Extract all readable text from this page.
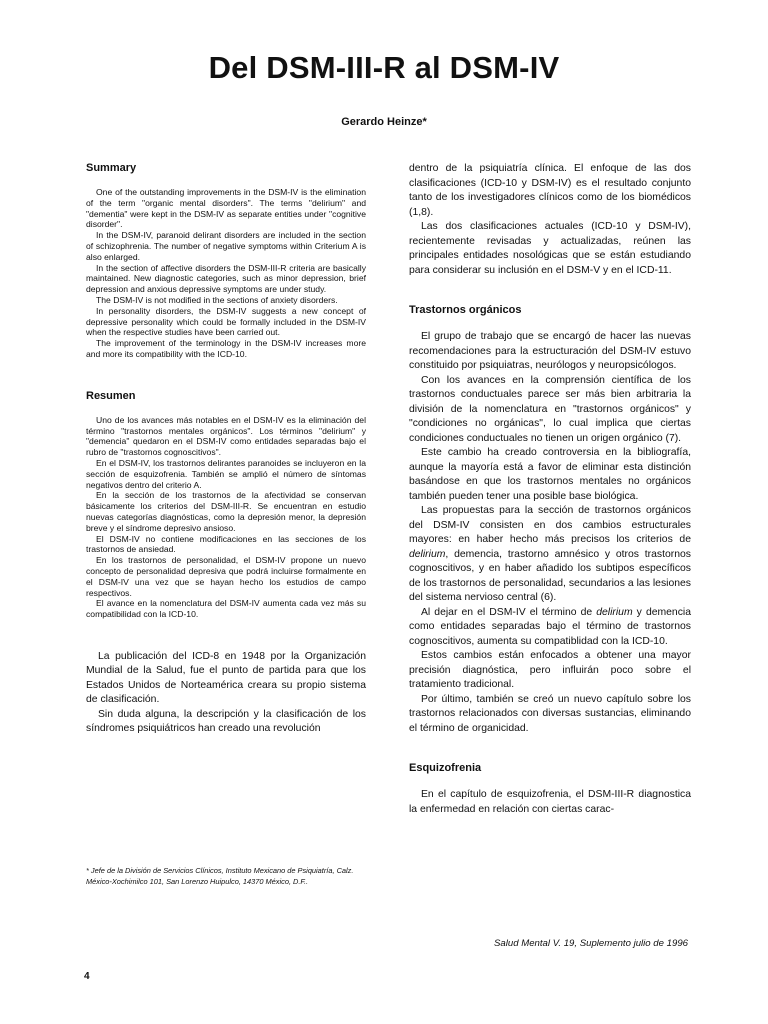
Del DSM-III-R al DSM-IV
Gerardo Heinze*
Summary

One of the outstanding improvements in the DSM-IV is the elimination of the term "organic mental disorders". The terms "delirium" and "dementia" were kept in the DSM-IV as separate entities under "cognitive disorder".

In the DSM-IV, paranoid delirant disorders are included in the section of schizophrenia. The number of negative symptoms within Criterium A is also enlarged.

In the section of affective disorders the DSM-III-R criteria are basically maintained. New diagnostic categories, such as minor depression, brief depression and anxious depressive symptoms are under study.

The DSM-IV is not modified in the sections of anxiety disorders.

In personality disorders, the DSM-IV suggests a new concept of depressive personality which could be formally included in the DSM-IV when the respective studies have been carried out.

The improvement of the terminology in the DSM-IV increases more and more its compatibility with the ICD-10.

Resumen

Uno de los avances más notables en el DSM-IV es la eliminación del término "trastornos mentales orgánicos". Los términos "delirium" y "demencia" quedaron en el DSM-IV como entidades separadas bajo el rubro de "trastornos cognoscitivos".

En el DSM-IV, los trastornos delirantes paranoides se incluyeron en la sección de esquizofrenia. También se amplió el número de síntomas negativos dentro del criterio A.

En la sección de los trastornos de la afectividad se conservan básicamente los criterios del DSM-III-R. Se encuentran en estudio nuevas categorías diagnósticas, como la depresión menor, la depresión breve y el síndrome depresivo ansioso.

El DSM-IV no contiene modificaciones en las secciones de los trastornos de ansiedad.

En los trastornos de personalidad, el DSM-IV propone un nuevo concepto de personalidad depresiva que podrá incluirse formalmente en el DSM-IV una vez que se hayan hecho los estudios de campo respectivos.

El avance en la nomenclatura del DSM-IV aumenta cada vez más su compatibilidad con la ICD-10.

La publicación del ICD-8 en 1948 por la Organización Mundial de la Salud, fue el punto de partida para que los Estados Unidos de Norteamérica creara su propio sistema de clasificación.

Sin duda alguna, la descripción y la clasificación de los síndromes psiquiátricos han creado una revolución

* Jefe de la División de Servicios Clínicos, Instituto Mexicano de Psiquiatría, Calz. México-Xochimilco 101, San Lorenzo Huipulco, 14370 México, D.F..

dentro de la psiquiatría clínica. El enfoque de las dos clasificaciones (ICD-10 y DSM-IV) es el resultado conjunto tanto de los investigadores clínicos como de los biomédicos (1,8).

Las dos clasificaciones actuales (ICD-10 y DSM-IV), recientemente revisadas y actualizadas, reúnen las principales entidades nosológicas que se están estudiando para considerar su inclusión en el DSM-V y en el ICD-11.

Trastornos orgánicos

El grupo de trabajo que se encargó de hacer las nuevas recomendaciones para la estructuración del DSM-IV estuvo constituido por psiquiatras, neurólogos y neuropsicólogos.

Con los avances en la comprensión científica de los trastornos conductuales parece ser más bien arbitraria la división de la nomenclatura en "trastornos orgánicos" y "condiciones no orgánicas", lo cual implica que ciertas condiciones conductuales no tienen un origen orgánico (7).

Este cambio ha creado controversia en la bibliografía, aunque la mayoría está a favor de eliminar esta distinción basándose en que los trastornos mentales no orgánicos también pueden tener una posible base biológica.

Las propuestas para la sección de trastornos orgánicos del DSM-IV consisten en dos cambios estructurales mayores: en haber hecho más precisos los criterios de delirium, demencia, trastorno amnésico y otros trastornos cognoscitivos, y en haber añadido los subtipos específicos de los trastornos de personalidad, secundarios a las lesiones del sistema nervioso central (6).

Al dejar en el DSM-IV el término de delirium y demencia como entidades separadas bajo el término de trastornos cognoscitivos, aumenta su compatiblidad con la ICD-10.

Estos cambios están enfocados a obtener una mayor precisión diagnóstica, pero influirán poco sobre el tratamiento tradicional.

Por último, también se creó un nuevo capítulo sobre los trastornos relacionados con diversas sustancias, eliminando el término de organicidad.

Esquizofrenia

En el capítulo de esquizofrenia, el DSM-III-R diagnostica la enfermedad en relación con ciertas carac-

Salud Mental V. 19, Suplemento julio de 1996
4
